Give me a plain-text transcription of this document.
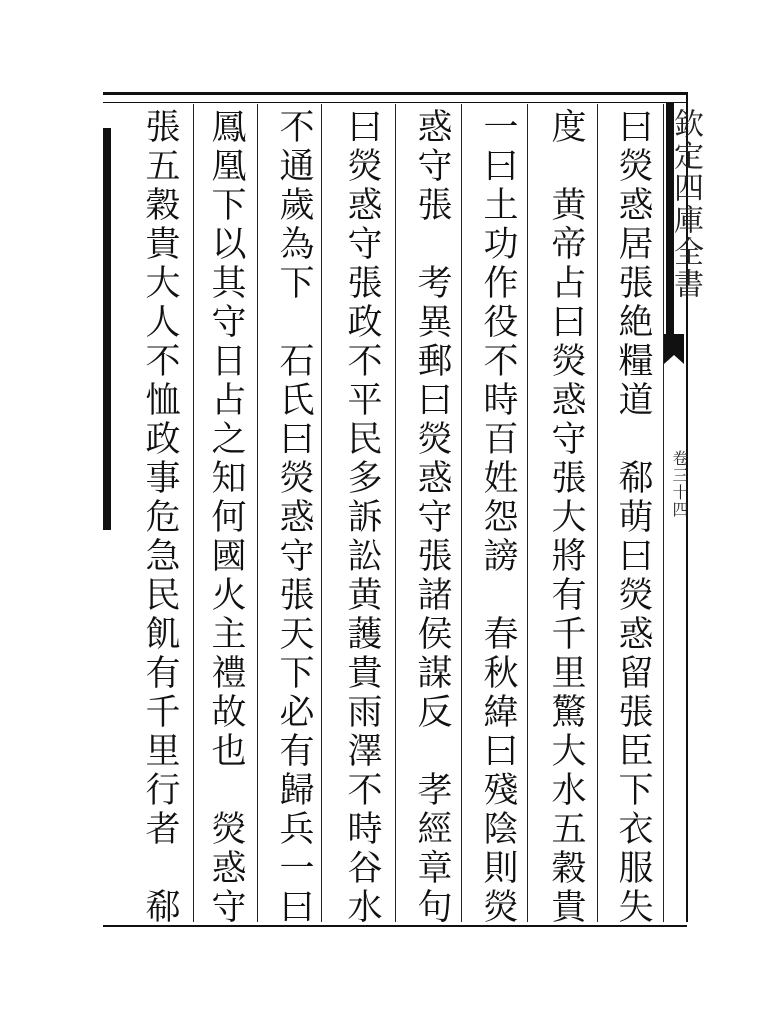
欽定四庫全書
卷三十四
曰熒惑居張絶糧道　郗萌曰熒惑留張臣下衣服失
度　黄帝占曰熒惑守張大將有千里驚大水五穀貴
一曰土功作役不時百姓怨謗　春秋緯曰殘陰則熒
惑守張　考異郵曰熒惑守張諸侯謀反　孝經章句
曰熒惑守張政不平民多訴訟黄䕶貴雨澤不時谷水
不通歲為下　石氏曰熒惑守張天下必有歸兵一曰
鳳凰下以其守日占之知何國火主禮故也　熒惑守
張五穀貴大人不恤政事危急民飢有千里行者　郗
